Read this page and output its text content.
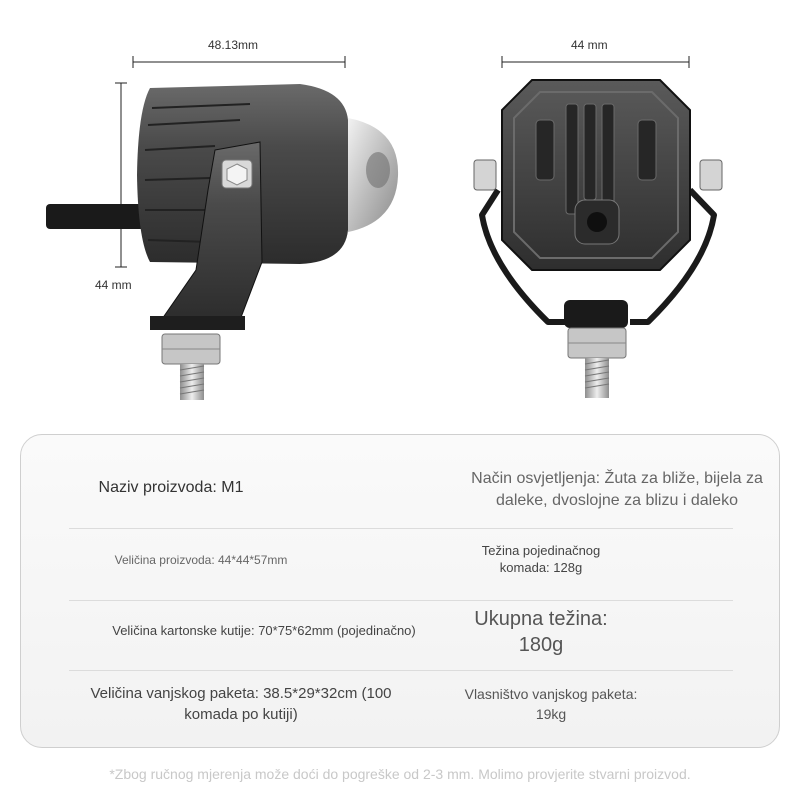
48.13mm
44 mm
44 mm
Naziv proizvoda: M1
Način osvjetljenja: Žuta za bliže, bijela za daleke, dvoslojne za blizu i daleko
Veličina proizvoda: 44*44*57mm
Težina pojedinačnog komada: 128g
Veličina kartonske kutije: 70*75*62mm (pojedinačno)
Ukupna težina: 180g
Veličina vanjskog paketa: 38.5*29*32cm (100 komada po kutiji)
Vlasništvo vanjskog paketa: 19kg
*Zbog ručnog mjerenja može doći do pogreške od 2-3 mm. Molimo provjerite stvarni proizvod.
